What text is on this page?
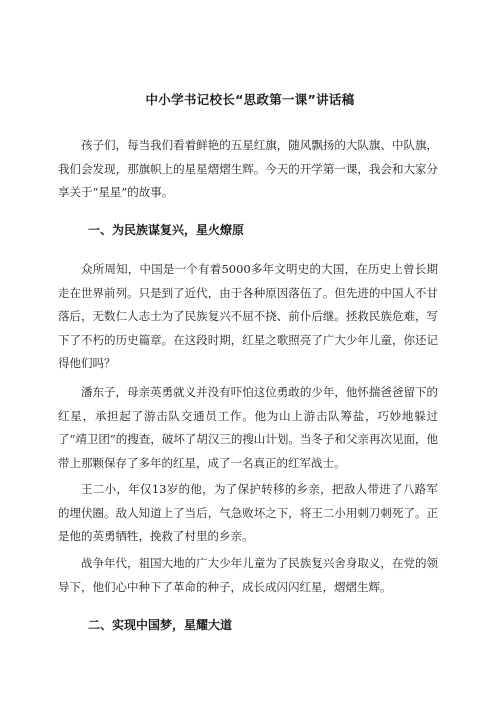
中小学书记校长“思政第一课”讲话稿

孩子们，每当我们看着鲜艳的五星红旗，随风飘扬的大队旗、中队旗，我们会发现，那旗帜上的星星熠熠生辉。今天的开学第一课，我会和大家分享关于“星星”的故事。

一、为民族谋复兴，星火燎原

众所周知，中国是一个有着5000多年文明史的大国，在历史上曾长期走在世界前列。只是到了近代，由于各种原因落伍了。但先进的中国人不甘落后，无数仁人志士为了民族复兴不屈不挠、前仆后继。拯救民族危难，写下了不朽的历史篇章。在这段时期，红星之歌照亮了广大少年儿童，你还记得他们吗？

潘东子，母亲英勇就义并没有吓怕这位勇敢的少年，他怀揣爸爸留下的红星，承担起了游击队交通员工作。他为山上游击队筹盐，巧妙地躲过了“靖卫团”的搜查，破坏了胡汉三的搜山计划。当冬子和父亲再次见面，他带上那颗保存了多年的红星，成了一名真正的红军战士。

王二小，年仅13岁的他，为了保护转移的乡亲，把敌人带进了八路军的埋伏圈。敌人知道上了当后，气急败坏之下，将王二小用刺刀刺死了。正是他的英勇牺牲，挽救了村里的乡亲。

战争年代，祖国大地的广大少年儿童为了民族复兴舍身取义，在党的领导下，他们心中种下了革命的种子，成长成闪闪红星，熠熠生辉。

二、实现中国梦，星耀大道
